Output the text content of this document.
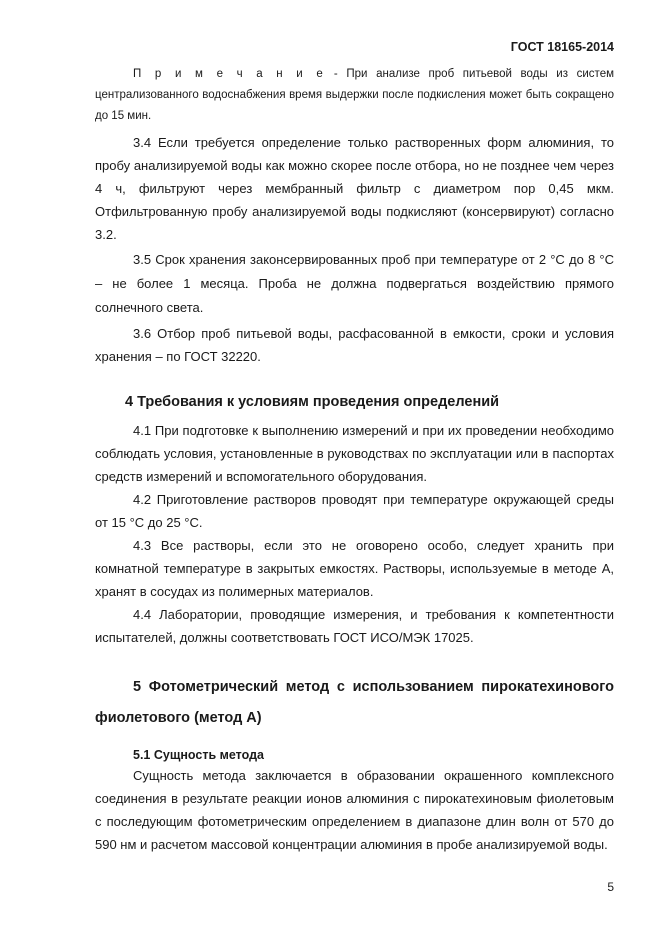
ГОСТ 18165-2014

П р и м е ч а н и е - При анализе проб питьевой воды из систем централизованного водоснабжения время выдержки после подкисления может быть сокращено до 15 мин.

3.4 Если требуется определение только растворенных форм алюминия, то пробу анализируемой воды как можно скорее после отбора, но не позднее чем через 4 ч, фильтруют через мембранный фильтр с диаметром пор 0,45 мкм. Отфильтрованную пробу анализируемой воды подкисляют (консервируют) согласно 3.2.

3.5 Срок хранения законсервированных проб при температуре от 2 °С до 8 °С – не более 1 месяца. Проба не должна подвергаться воздействию прямого солнечного света.

3.6 Отбор проб питьевой воды, расфасованной в емкости, сроки и условия хранения – по ГОСТ 32220.

4 Требования к условиям проведения определений

4.1 При подготовке к выполнению измерений и при их проведении необходимо соблюдать условия, установленные в руководствах по эксплуатации или в паспортах средств измерений и вспомогательного оборудования.

4.2 Приготовление растворов проводят при температуре окружающей среды от 15 °С до 25 °С.

4.3 Все растворы, если это не оговорено особо, следует хранить при комнатной температуре в закрытых емкостях. Растворы, используемые в методе А, хранят в сосудах из полимерных материалов.

4.4 Лаборатории, проводящие измерения, и требования к компетентности испытателей, должны соответствовать ГОСТ ИСО/МЭК 17025.

5 Фотометрический метод с использованием пирокатехинового фиолетового (метод А)
5.1 Сущность метода

Сущность метода заключается в образовании окрашенного комплексного соединения в результате реакции ионов алюминия с пирокатехиновым фиолетовым с последующим фотометрическим определением в диапазоне длин волн от 570 до 590 нм и расчетом массовой концентрации алюминия в пробе анализируемой воды.

5
